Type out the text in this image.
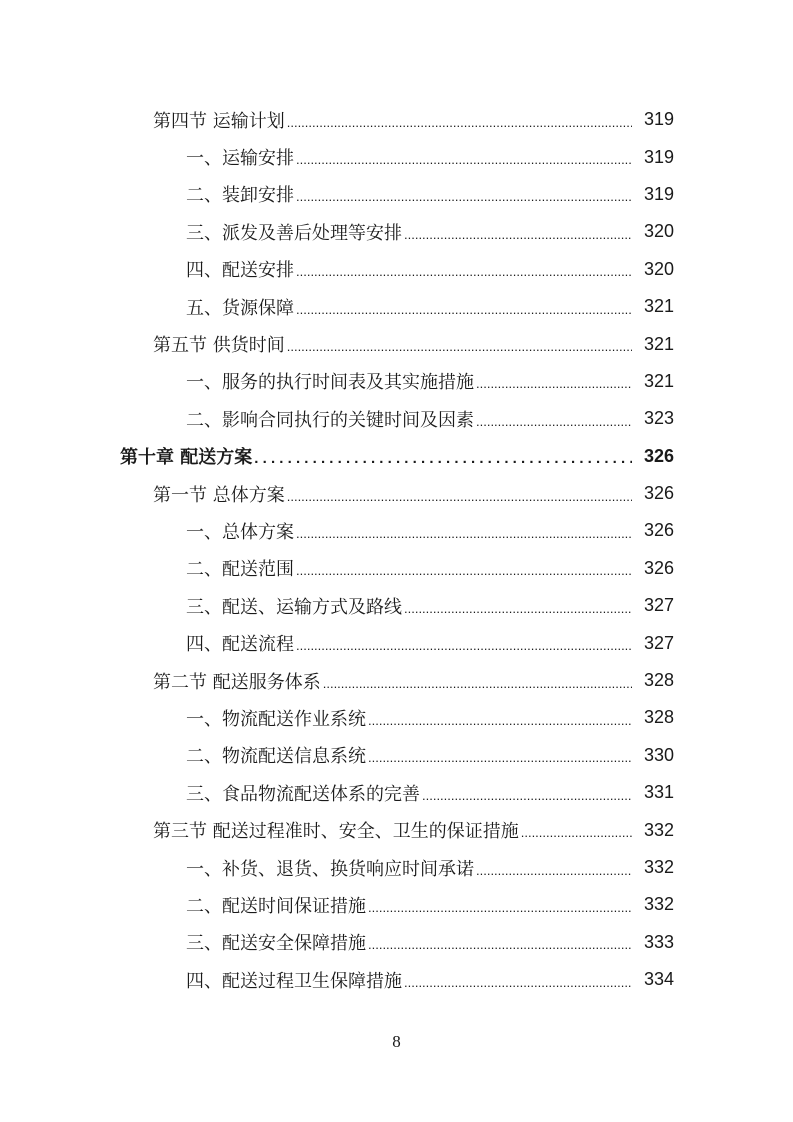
第四节 运输计划 .....	319
一、运输安排 .....	319
二、装卸安排 .....	319
三、派发及善后处理等安排 .....	320
四、配送安排 .....	320
五、货源保障 .....	321
第五节 供货时间 .....	321
一、服务的执行时间表及其实施措施 .....	321
二、影响合同执行的关键时间及因素 .....	323
第十章 配送方案 . . .	326
第一节 总体方案 .....	326
一、总体方案 .....	326
二、配送范围 .....	326
三、配送、运输方式及路线 .....	327
四、配送流程 .....	327
第二节 配送服务体系 .....	328
一、物流配送作业系统 .....	328
二、物流配送信息系统 .....	330
三、食品物流配送体系的完善 .....	331
第三节 配送过程准时、安全、卫生的保证措施 .....	332
一、补货、退货、换货响应时间承诺 .....	332
二、配送时间保证措施 .....	332
三、配送安全保障措施 .....	333
四、配送过程卫生保障措施 .....	334
8
